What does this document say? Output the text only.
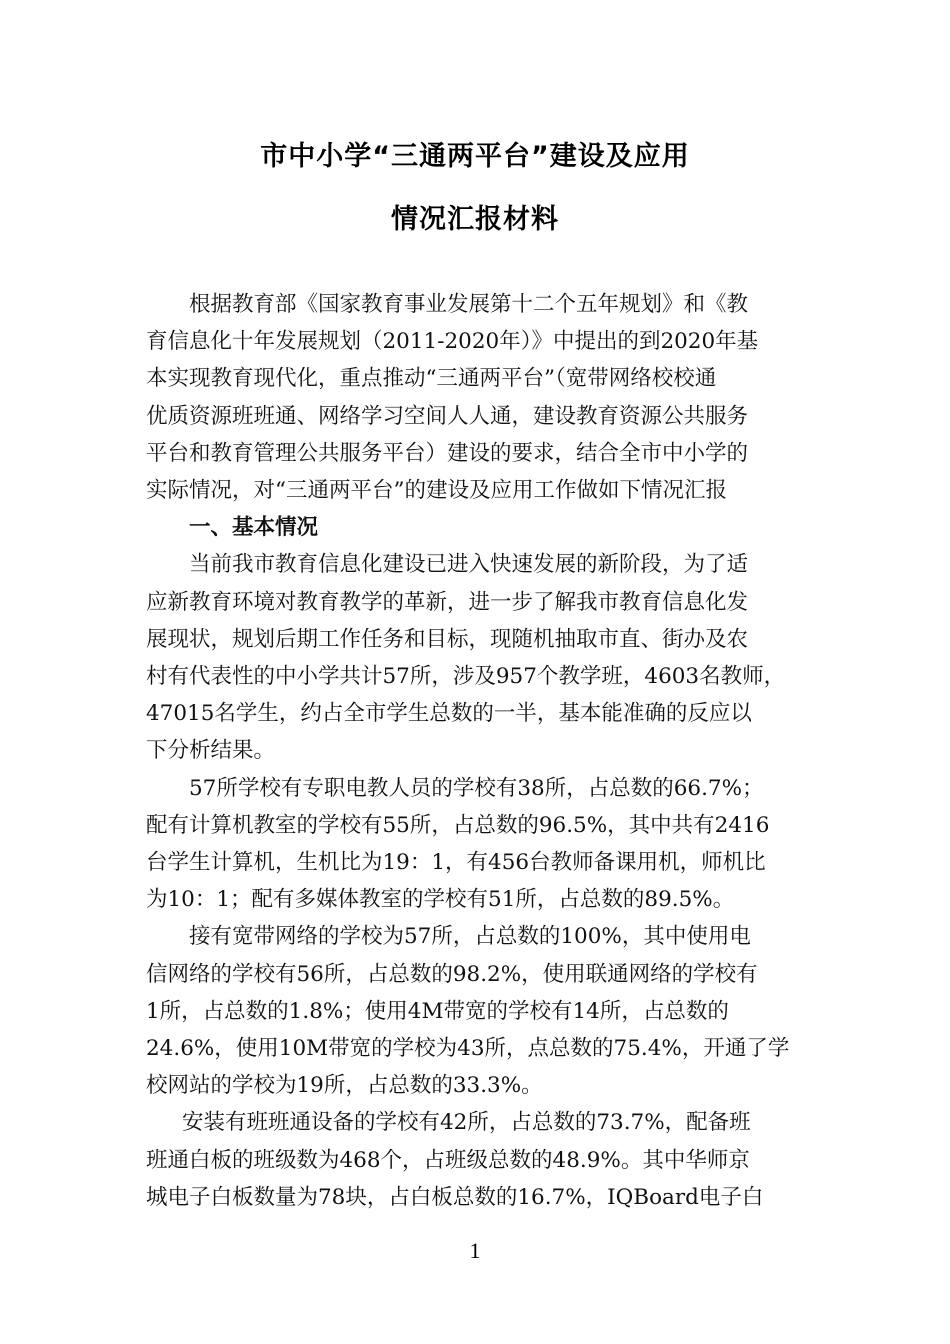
市中小学“三通两平台”建设及应用
情况汇报材料

根据教育部《国家教育事业发展第十二个五年规划》和《教
育信息化十年发展规划（2011-2020年）》中提出的到2020年基
本实现教育现代化，重点推动“三通两平台”（宽带网络校校通
优质资源班班通、网络学习空间人人通，建设教育资源公共服务
平台和教育管理公共服务平台）建设的要求，结合全市中小学的
实际情况，对“三通两平台”的建设及应用工作做如下情况汇报

一、基本情况

当前我市教育信息化建设已进入快速发展的新阶段，为了适
应新教育环境对教育教学的革新，进一步了解我市教育信息化发
展现状，规划后期工作任务和目标，现随机抽取市直、街办及农
村有代表性的中小学共计57所，涉及957个教学班，4603名教师，
47015名学生，约占全市学生总数的一半，基本能准确的反应以
下分析结果。

57所学校有专职电教人员的学校有38所，占总数的66.7%；
配有计算机教室的学校有55所，占总数的96.5%，其中共有2416
台学生计算机，生机比为19：1，有456台教师备课用机，师机比
为10：1；配有多媒体教室的学校有51所，占总数的89.5%。

接有宽带网络的学校为57所，占总数的100%，其中使用电
信网络的学校有56所，占总数的98.2%，使用联通网络的学校有
1所，占总数的1.8%；使用4M带宽的学校有14所，占总数的
24.6%，使用10M带宽的学校为43所，点总数的75.4%，开通了学
校网站的学校为19所，占总数的33.3%。

安装有班班通设备的学校有42所，占总数的73.7%，配备班
班通白板的班级数为468个，占班级总数的48.9%。其中华师京
城电子白板数量为78块，占白板总数的16.7%，IQBoard电子白

1
